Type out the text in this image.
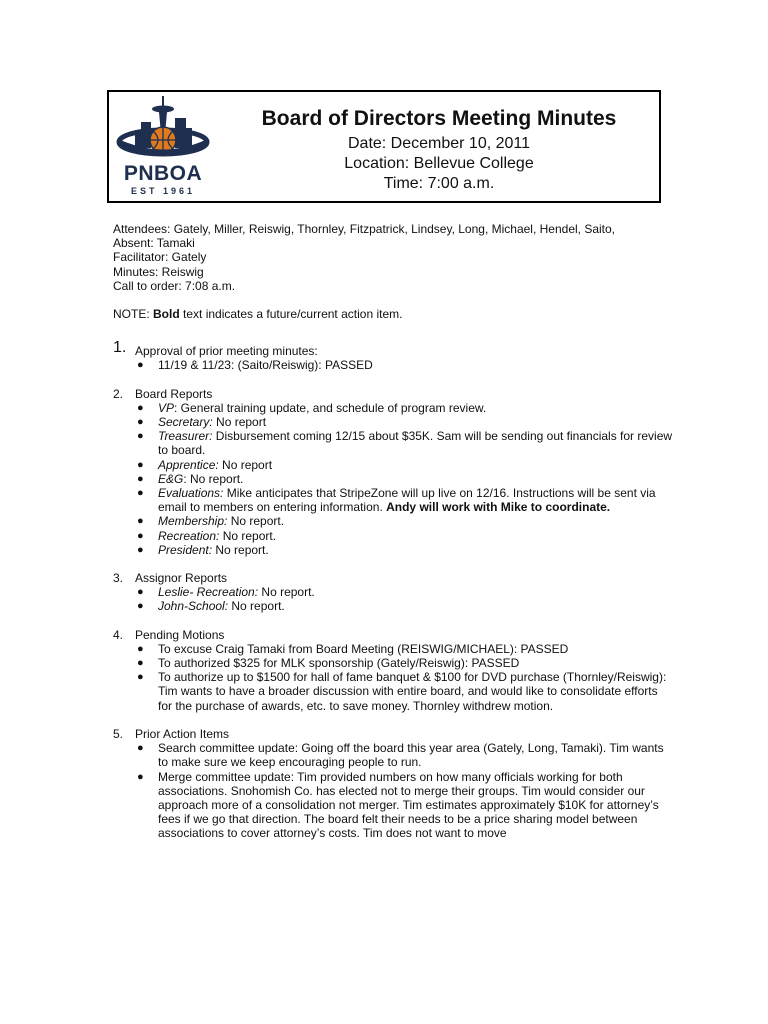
PNBOA
EST 1961
Board of Directors Meeting Minutes
Date: December 10, 2011
Location: Bellevue College
Time: 7:00 a.m.
Attendees: Gately, Miller, Reiswig, Thornley, Fitzpatrick, Lindsey, Long, Michael, Hendel, Saito,
Absent: Tamaki
Facilitator: Gately
Minutes: Reiswig
Call to order: 7:08 a.m.
NOTE: Bold text indicates a future/current action item.
1. Approval of prior meeting minutes:
● 11/19 & 11/23: (Saito/Reiswig): PASSED
2. Board Reports
● VP: General training update, and schedule of program review.
● Secretary: No report
● Treasurer: Disbursement coming 12/15 about $35K. Sam will be sending out financials for review to board.
● Apprentice: No report
● E&G: No report.
● Evaluations: Mike anticipates that StripeZone will up live on 12/16. Instructions will be sent via email to members on entering information. Andy will work with Mike to coordinate.
● Membership: No report.
● Recreation: No report.
● President: No report.
3. Assignor Reports
● Leslie- Recreation: No report.
● John-School: No report.
4. Pending Motions
● To excuse Craig Tamaki from Board Meeting (REISWIG/MICHAEL): PASSED
● To authorized $325 for MLK sponsorship (Gately/Reiswig): PASSED
● To authorize up to $1500 for hall of fame banquet & $100 for DVD purchase (Thornley/Reiswig): Tim wants to have a broader discussion with entire board, and would like to consolidate efforts for the purchase of awards, etc. to save money. Thornley withdrew motion.
5. Prior Action Items
● Search committee update: Going off the board this year area (Gately, Long, Tamaki). Tim wants to make sure we keep encouraging people to run.
● Merge committee update: Tim provided numbers on how many officials working for both associations. Snohomish Co. has elected not to merge their groups. Tim would consider our approach more of a consolidation not merger. Tim estimates approximately $10K for attorney’s fees if we go that direction. The board felt their needs to be a price sharing model between associations to cover attorney’s costs. Tim does not want to move
